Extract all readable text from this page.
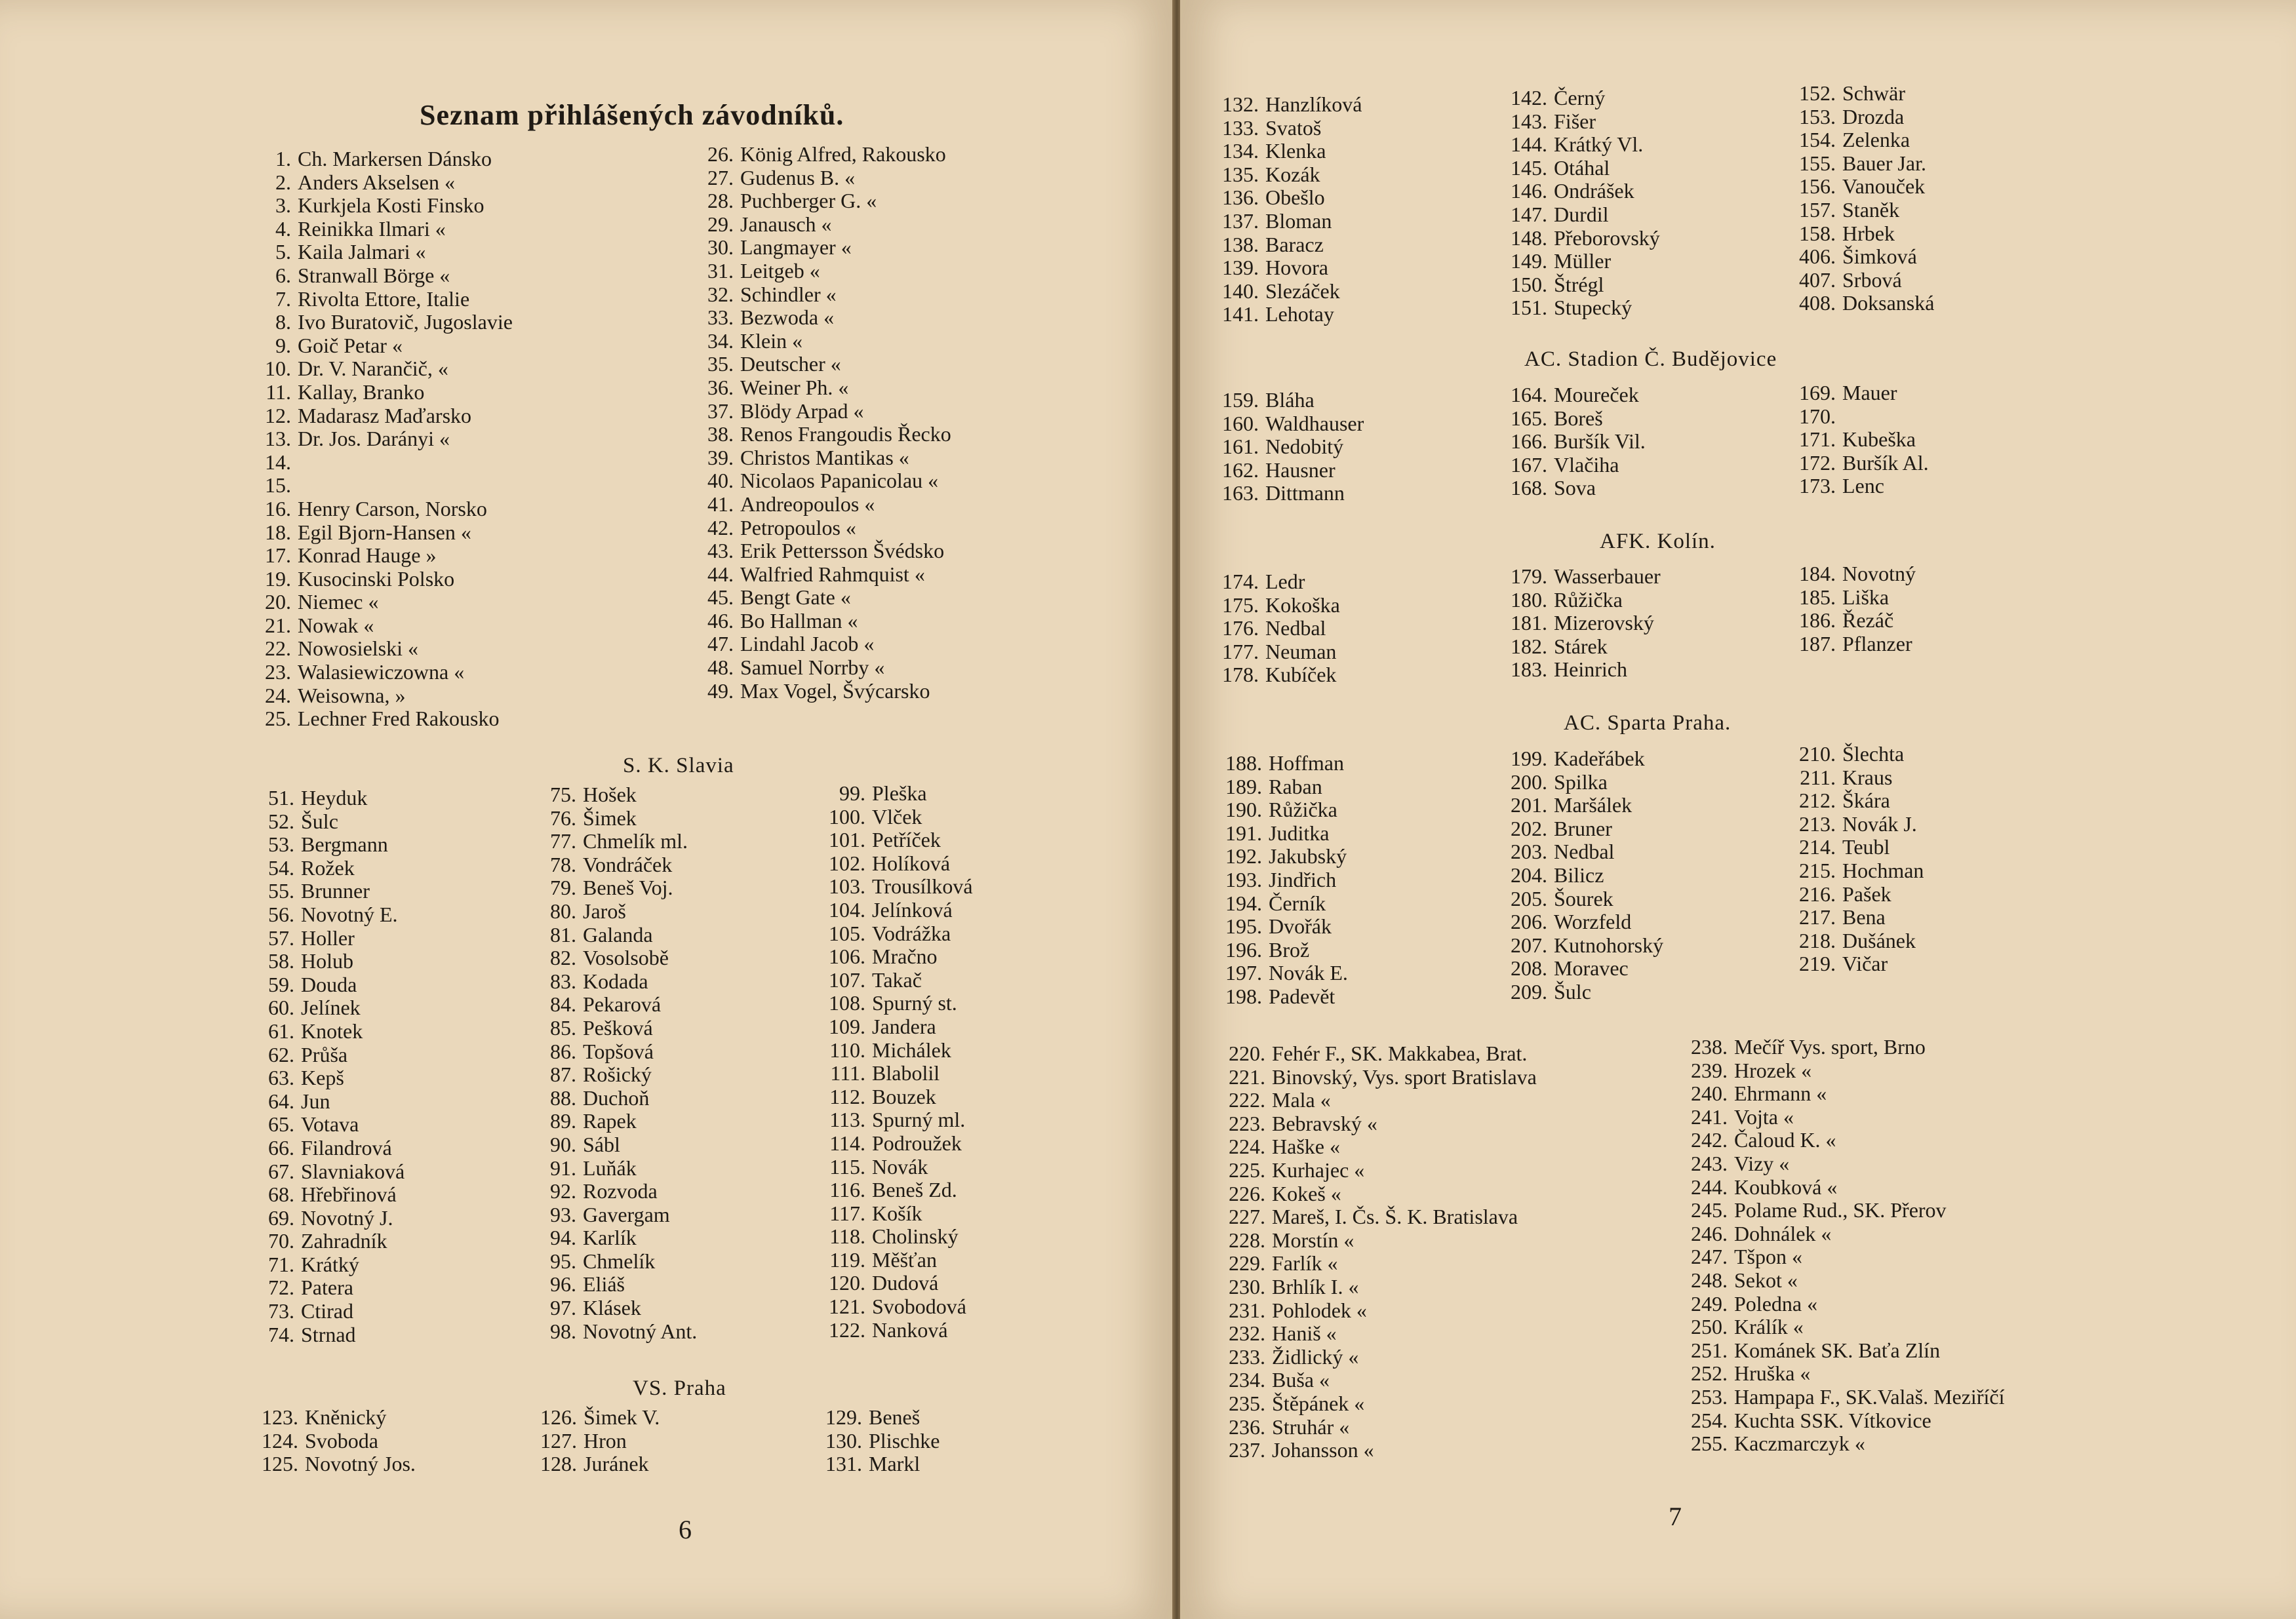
Seznam přihlášených závodníků.
1. Ch. Markersen Dánsko
2. Anders Akselsen «
3. Kurkjela Kosti Finsko
4. Reinikka Ilmari «
5. Kaila Jalmari «
6. Stranwall Börge «
7. Rivolta Ettore, Italie
8. Ivo Buratovič, Jugoslavie
9. Goič Petar «
10. Dr. V. Narančič, «
11. Kallay, Branko
12. Madarasz Maďarsko
13. Dr. Jos. Darányi «
14.
15.
16. Henry Carson, Norsko
18. Egil Bjorn-Hansen «
17. Konrad Hauge »
19. Kusocinski Polsko
20. Niemec «
21. Nowak «
22. Nowosielski «
23. Walasiewiczowna «
24. Weisowna, »
25. Lechner Fred Rakousko
26. König Alfred, Rakousko
27. Gudenus B. «
28. Puchberger G. «
29. Janausch «
30. Langmayer «
31. Leitgeb «
32. Schindler «
33. Bezwoda «
34. Klein «
35. Deutscher «
36. Weiner Ph. «
37. Blödy Arpad «
38. Renos Frangoudis Řecko
39. Christos Mantikas «
40. Nicolaos Papanicolau «
41. Andreopoulos «
42. Petropoulos «
43. Erik Pettersson Švédsko
44. Walfried Rahmquist «
45. Bengt Gate «
46. Bo Hallman «
47. Lindahl Jacob «
48. Samuel Norrby «
49. Max Vogel, Švýcarsko
S. K. Slavia
51. Heyduk
52. Šulc
53. Bergmann
54. Rožek
55. Brunner
56. Novotný E.
57. Holler
58. Holub
59. Douda
60. Jelínek
61. Knotek
62. Průša
63. Kepš
64. Jun
65. Votava
66. Filandrová
67. Slavniaková
68. Hřebřinová
69. Novotný J.
70. Zahradník
71. Krátký
72. Patera
73. Ctirad
74. Strnad
75. Hošek
76. Šimek
77. Chmelík ml.
78. Vondráček
79. Beneš Voj.
80. Jaroš
81. Galanda
82. Vosolsobě
83. Kodada
84. Pekarová
85. Pešková
86. Topšová
87. Rošický
88. Duchoň
89. Rapek
90. Sábl
91. Luňák
92. Rozvoda
93. Gavergam
94. Karlík
95. Chmelík
96. Eliáš
97. Klásek
98. Novotný Ant.
99. Pleška
100. Vlček
101. Petříček
102. Holíková
103. Trousílková
104. Jelínková
105. Vodrážka
106. Mračno
107. Takač
108. Spurný st.
109. Jandera
110. Michálek
111. Blabolil
112. Bouzek
113. Spurný ml.
114. Podroužek
115. Novák
116. Beneš Zd.
117. Košík
118. Cholinský
119. Měšťan
120. Dudová
121. Svobodová
122. Nanková
VS. Praha
123. Kněnický
124. Svoboda
125. Novotný Jos.
126. Šimek V.
127. Hron
128. Juránek
129. Beneš
130. Plischke
131. Markl
6
132. Hanzlíková
133. Svatoš
134. Klenka
135. Kozák
136. Obešlo
137. Bloman
138. Baracz
139. Hovora
140. Slezáček
141. Lehotay
142. Černý
143. Fišer
144. Krátký Vl.
145. Otáhal
146. Ondrášek
147. Durdil
148. Přeborovský
149. Müller
150. Štrégl
151. Stupecký
152. Schwär
153. Drozda
154. Zelenka
155. Bauer Jar.
156. Vanouček
157. Staněk
158. Hrbek
406. Šimková
407. Srbová
408. Doksanská
AC. Stadion Č. Budějovice
159. Bláha
160. Waldhauser
161. Nedobitý
162. Hausner
163. Dittmann
164. Moureček
165. Boreš
166. Buršík Vil.
167. Vlačiha
168. Sova
169. Mauer
170.
171. Kubeška
172. Buršík Al.
173. Lenc
AFK. Kolín.
174. Ledr
175. Kokoška
176. Nedbal
177. Neuman
178. Kubíček
179. Wasserbauer
180. Růžička
181. Mizerovský
182. Stárek
183. Heinrich
184. Novotný
185. Liška
186. Řezáč
187. Pflanzer
AC. Sparta Praha.
188. Hoffman
189. Raban
190. Růžička
191. Juditka
192. Jakubský
193. Jindřich
194. Černík
195. Dvořák
196. Brož
197. Novák E.
198. Padevět
199. Kadeřábek
200. Spilka
201. Maršálek
202. Bruner
203. Nedbal
204. Bilicz
205. Šourek
206. Worzfeld
207. Kutnohorský
208. Moravec
209. Šulc
210. Šlechta
211. Kraus
212. Škára
213. Novák J.
214. Teubl
215. Hochman
216. Pašek
217. Bena
218. Dušánek
219. Vičar
220. Fehér F., SK. Makkabea, Brat.
221. Binovský, Vys. sport Bratislava
222. Mala «
223. Bebravský «
224. Haške «
225. Kurhajec «
226. Kokeš «
227. Mareš, I. Čs. Š. K. Bratislava
228. Morstín «
229. Farlík «
230. Brhlík I. «
231. Pohlodek «
232. Haniš «
233. Židlický «
234. Buša «
235. Štěpánek «
236. Struhár «
237. Johansson «
238. Mečíř Vys. sport, Brno
239. Hrozek «
240. Ehrmann «
241. Vojta «
242. Čaloud K. «
243. Vizy «
244. Koubková «
245. Polame Rud., SK. Přerov
246. Dohnálek «
247. Tšpon «
248. Sekot «
249. Poledna «
250. Králík «
251. Kománek SK. Baťa Zlín
252. Hruška «
253. Hampapa F., SK.Valaš. Meziříčí
254. Kuchta SSK. Vítkovice
255. Kaczmarczyk «
7
